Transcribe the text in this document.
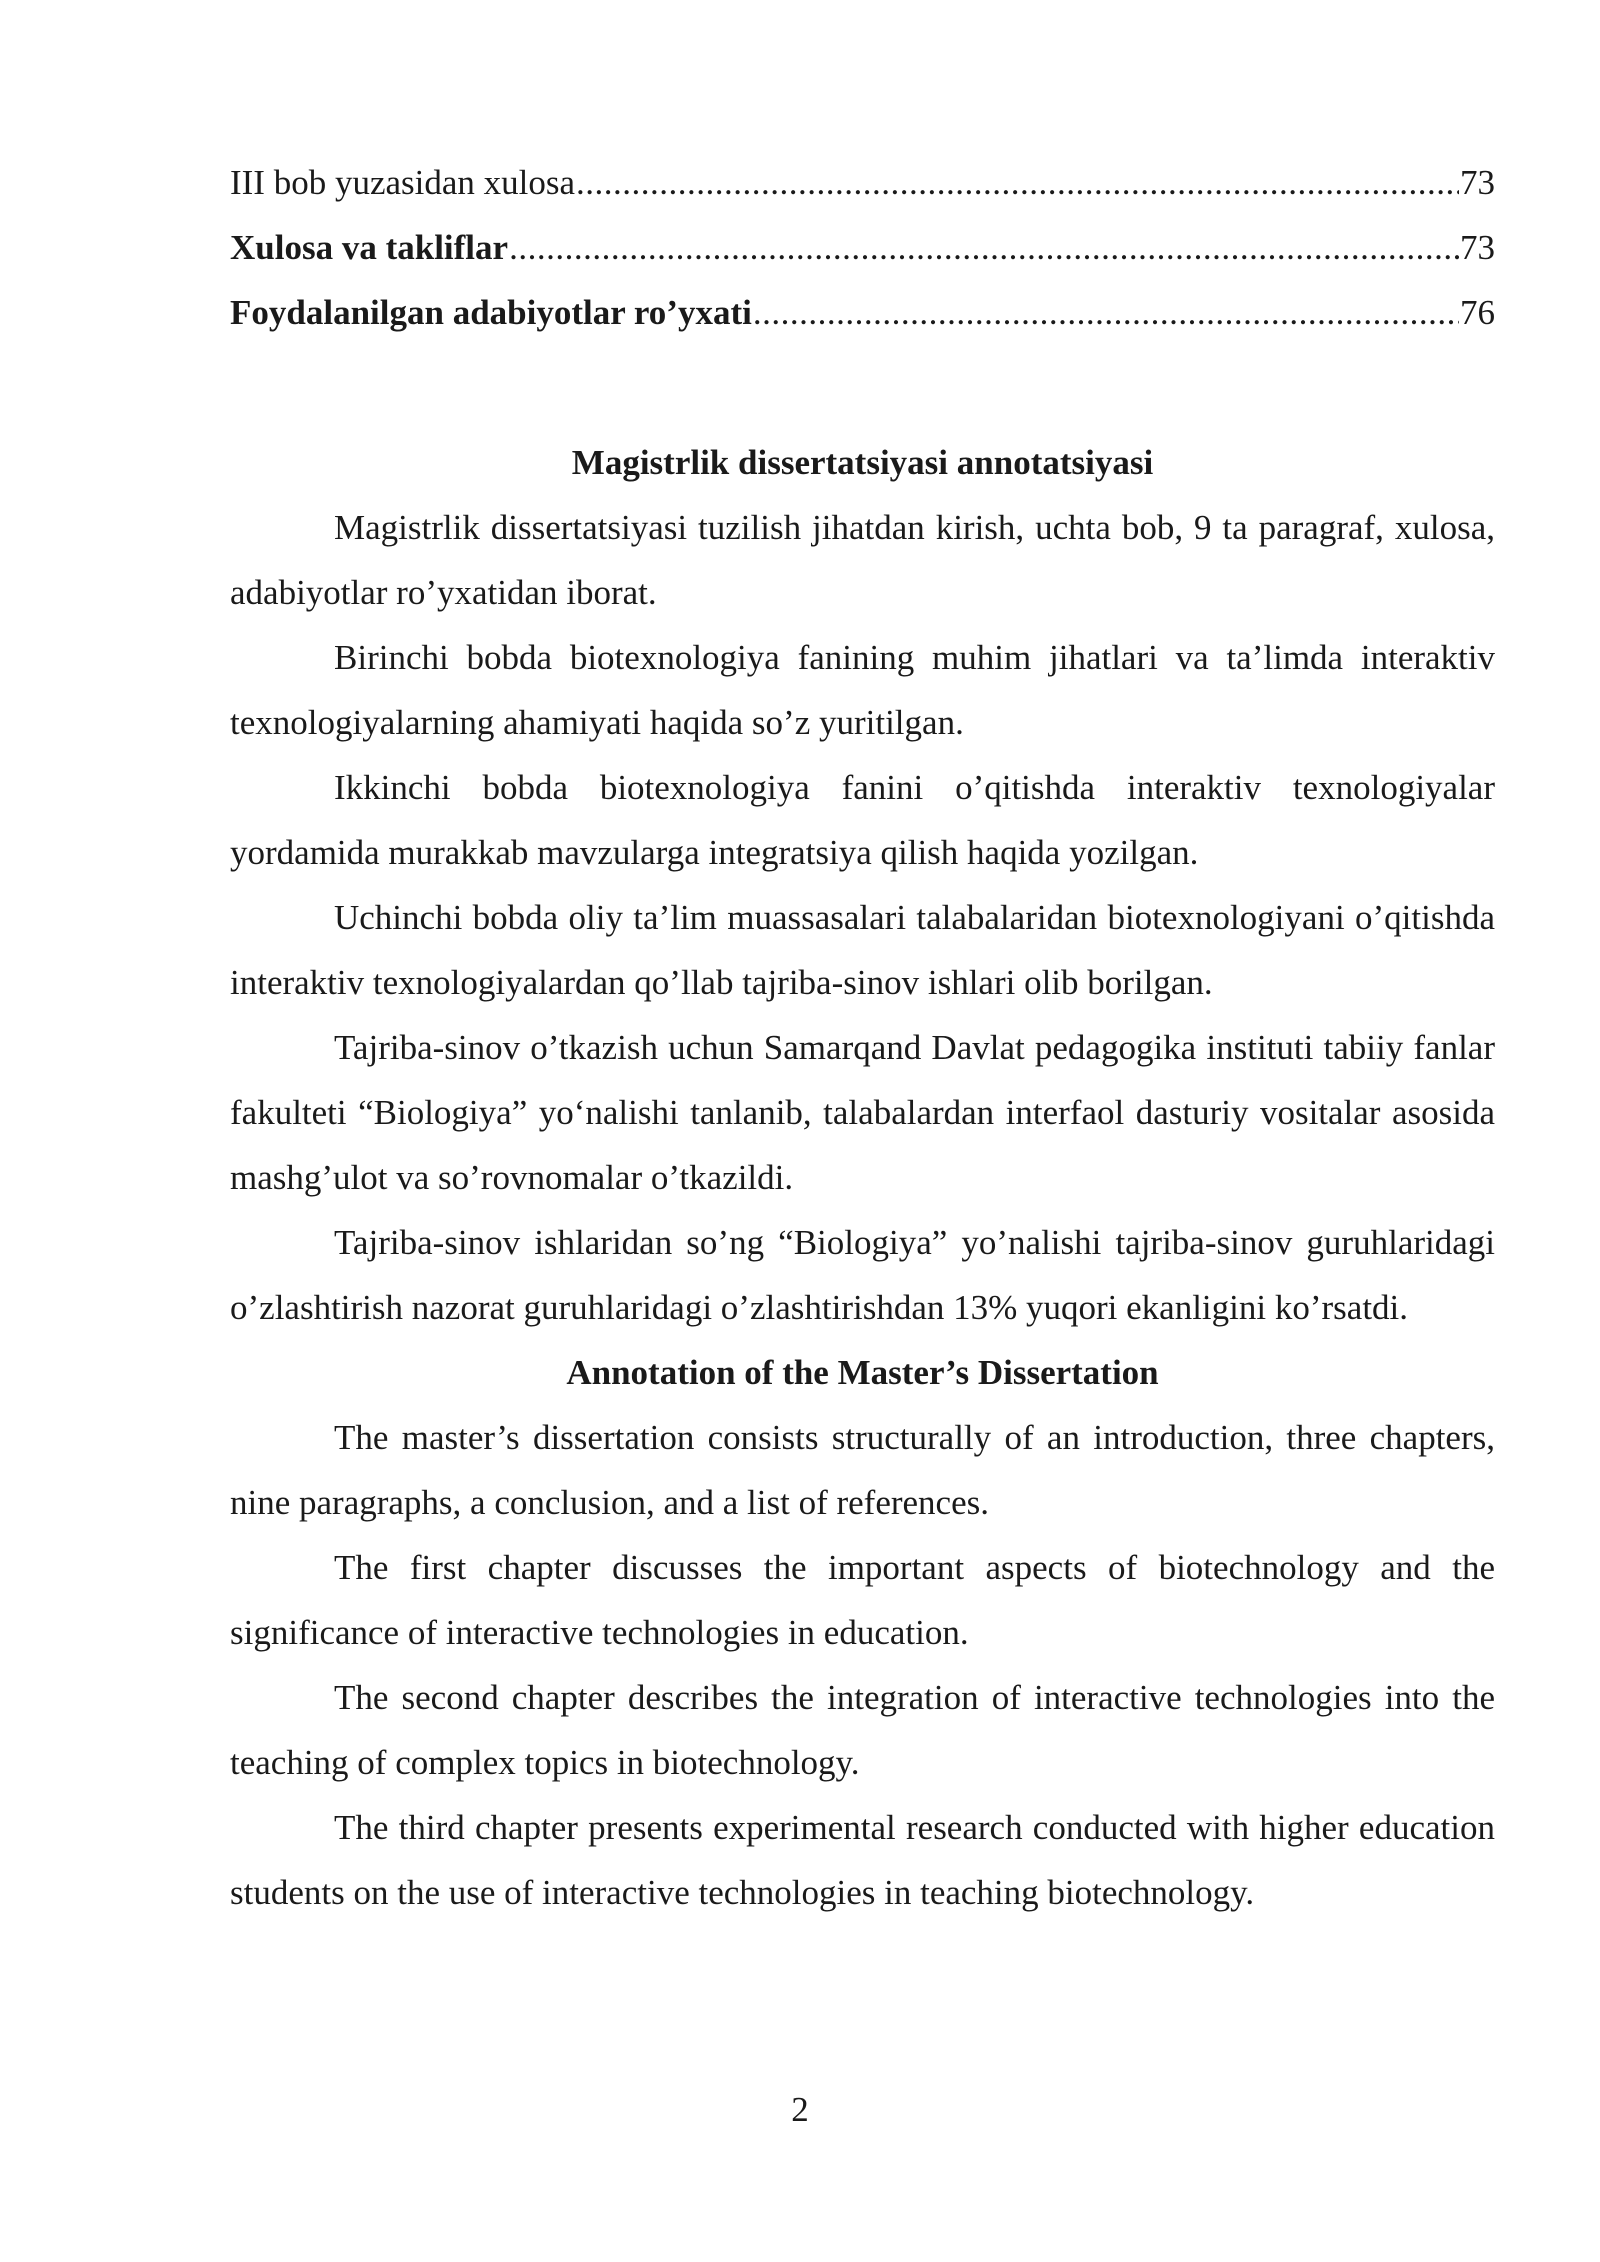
III bob yuzasidan xulosa .....	73
Xulosa va takliflar .....	73
Foydalanilgan adabiyotlar ro’yxati .....	76
Magistrlik dissertatsiyasi annotatsiyasi

Magistrlik dissertatsiyasi tuzilish jihatdan kirish, uchta bob, 9 ta paragraf, xulosa, adabiyotlar ro’yxatidan iborat.

Birinchi bobda biotexnologiya fanining muhim jihatlari va ta’limda interaktiv texnologiyalarning ahamiyati haqida so’z yuritilgan.

Ikkinchi bobda biotexnologiya fanini o’qitishda interaktiv texnologiyalar yordamida murakkab mavzularga integratsiya qilish haqida yozilgan.

Uchinchi bobda oliy ta’lim muassasalari talabalaridan biotexnologiyani o’qitishda interaktiv texnologiyalardan qo’llab tajriba-sinov ishlari olib borilgan.

Tajriba-sinov o’tkazish uchun Samarqand Davlat pedagogika instituti tabiiy fanlar fakulteti “Biologiya” yo‘nalishi tanlanib, talabalardan interfaol dasturiy vositalar asosida mashg’ulot va so’rovnomalar o’tkazildi.

Tajriba-sinov ishlaridan so’ng “Biologiya” yo’nalishi tajriba-sinov guruhlaridagi o’zlashtirish nazorat guruhlaridagi o’zlashtirishdan 13% yuqori ekanligini ko’rsatdi.

Annotation of the Master’s Dissertation

The master’s dissertation consists structurally of an introduction, three chapters, nine paragraphs, a conclusion, and a list of references.

The first chapter discusses the important aspects of biotechnology and the significance of interactive technologies in education.

The second chapter describes the integration of interactive technologies into the teaching of complex topics in biotechnology.

The third chapter presents experimental research conducted with higher education students on the use of interactive technologies in teaching biotechnology.

2
